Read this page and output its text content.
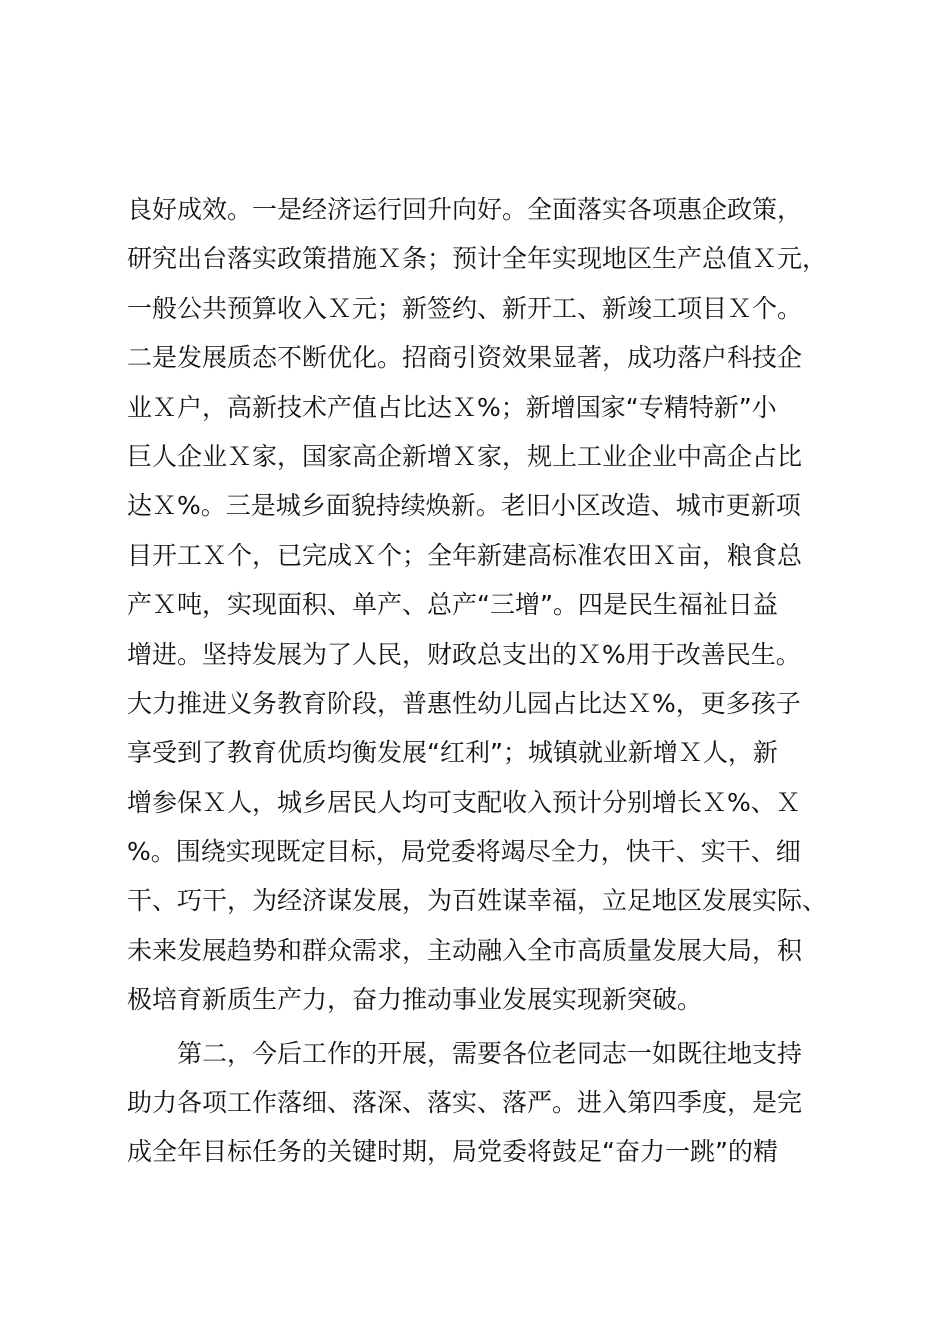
良好成效。一是经济运行回升向好。全面落实各项惠企政策，
研究出台落实政策措施Ｘ条；预计全年实现地区生产总值Ｘ元，
一般公共预算收入Ｘ元；新签约、新开工、新竣工项目Ｘ个。
二是发展质态不断优化。招商引资效果显著，成功落户科技企
业Ｘ户，高新技术产值占比达Ｘ%；新增国家“专精特新”小
巨人企业Ｘ家，国家高企新增Ｘ家，规上工业企业中高企占比
达Ｘ%。三是城乡面貌持续焕新。老旧小区改造、城市更新项
目开工Ｘ个，已完成Ｘ个；全年新建高标准农田Ｘ亩，粮食总
产Ｘ吨，实现面积、单产、总产“三增”。四是民生福祉日益
增进。坚持发展为了人民，财政总支出的Ｘ%用于改善民生。
大力推进义务教育阶段，普惠性幼儿园占比达Ｘ%，更多孩子
享受到了教育优质均衡发展“红利”；城镇就业新增Ｘ人，新
增参保Ｘ人，城乡居民人均可支配收入预计分别增长Ｘ%、Ｘ
%。围绕实现既定目标，局党委将竭尽全力，快干、实干、细
干、巧干，为经济谋发展，为百姓谋幸福，立足地区发展实际、
未来发展趋势和群众需求，主动融入全市高质量发展大局，积
极培育新质生产力，奋力推动事业发展实现新突破。
第二，今后工作的开展，需要各位老同志一如既往地支持
助力各项工作落细、落深、落实、落严。进入第四季度，是完
成全年目标任务的关键时期，局党委将鼓足“奋力一跳”的精
